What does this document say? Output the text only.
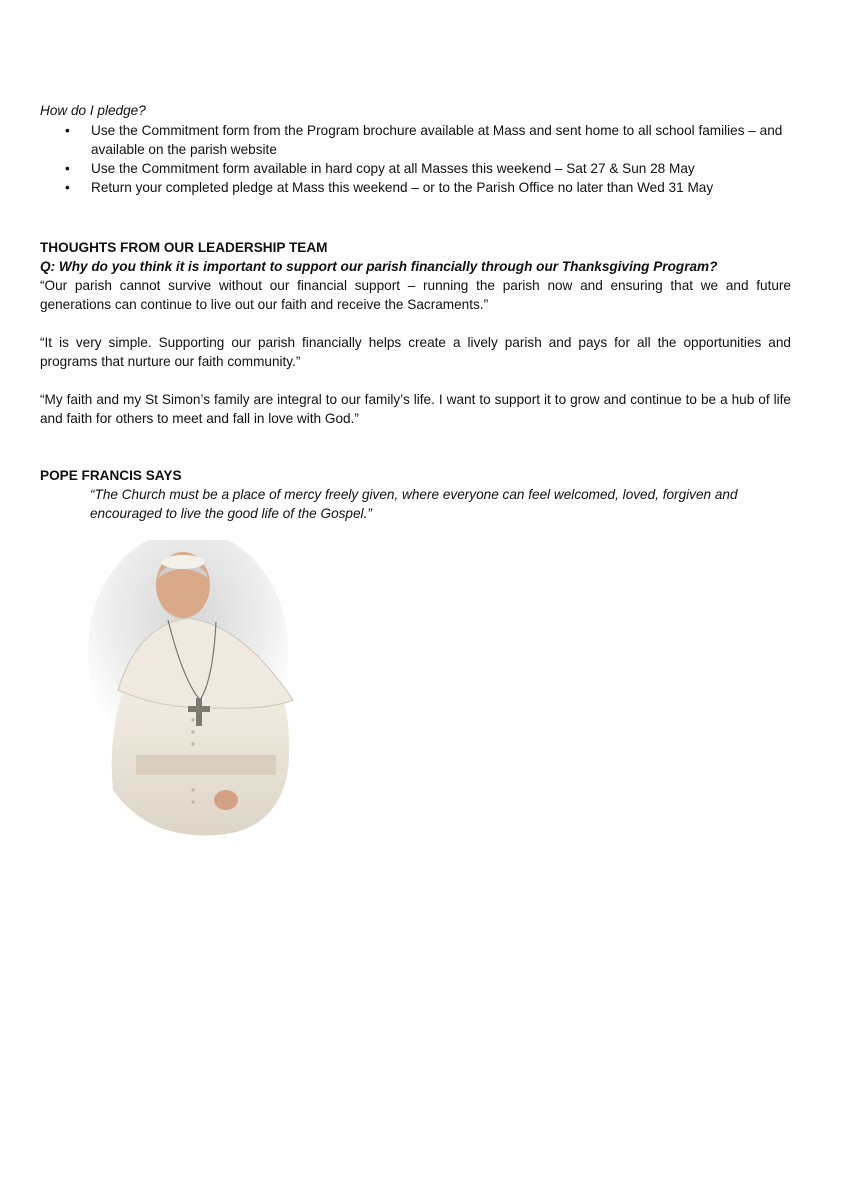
How do I pledge?
• Use the Commitment form from the Program brochure available at Mass and sent home to all school families – and available on the parish website
• Use the Commitment form available in hard copy at all Masses this weekend – Sat 27 & Sun 28 May
• Return your completed pledge at Mass this weekend – or to the Parish Office no later than Wed 31 May
THOUGHTS FROM OUR LEADERSHIP TEAM
Q: Why do you think it is important to support our parish financially through our Thanksgiving Program?
“Our parish cannot survive without our financial support – running the parish now and ensuring that we and future generations can continue to live out our faith and receive the Sacraments.”
“It is very simple. Supporting our parish financially helps create a lively parish and pays for all the opportunities and programs that nurture our faith community.”
“My faith and my St Simon’s family are integral to our family’s life. I want to support it to grow and continue to be a hub of life and faith for others to meet and fall in love with God.”
POPE FRANCIS SAYS
“The Church must be a place of mercy freely given, where everyone can feel welcomed, loved, forgiven and encouraged to live the good life of the Gospel.”
